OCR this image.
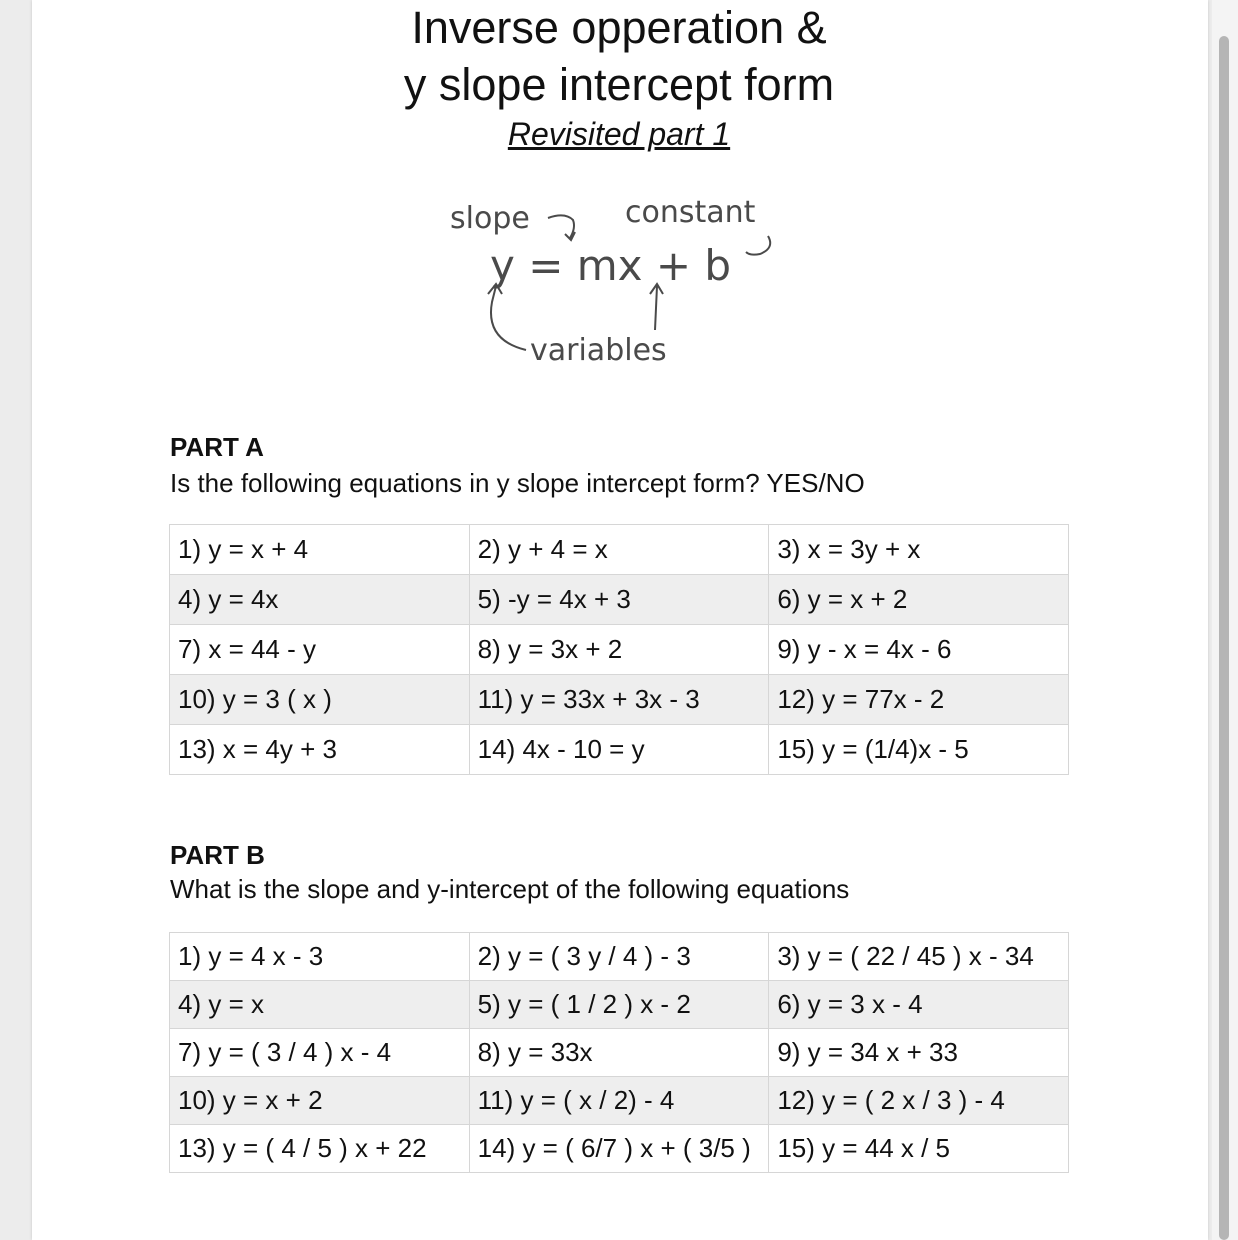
Inverse opperation &
y slope intercept form
Revisited part 1
slope	constant
y = mx + b
variables
PART A
Is the following equations in y slope intercept form? YES/NO
1) y = x + 4	2) y + 4 = x	3) x = 3y + x
4) y = 4x	5) -y = 4x + 3	6) y = x + 2
7) x = 44 - y	8) y = 3x + 2	9) y - x = 4x - 6
10) y = 3 ( x )	11) y = 33x + 3x - 3	12) y = 77x - 2
13) x = 4y + 3	14) 4x - 10 = y	15) y = (1/4)x - 5
PART B
What is the slope and y-intercept of the following equations
1) y = 4 x - 3	2) y = ( 3 y / 4 ) - 3	3) y = ( 22 / 45 ) x - 34
4) y = x	5) y = ( 1 / 2 ) x - 2	6) y = 3 x - 4
7) y = ( 3 / 4 ) x - 4	8) y = 33x	9) y = 34 x + 33
10) y = x + 2	11) y = ( x / 2) - 4	12) y = ( 2 x / 3 ) - 4
13) y = ( 4 / 5 ) x + 22	14) y = ( 6/7 ) x + ( 3/5 )	15) y = 44 x / 5
